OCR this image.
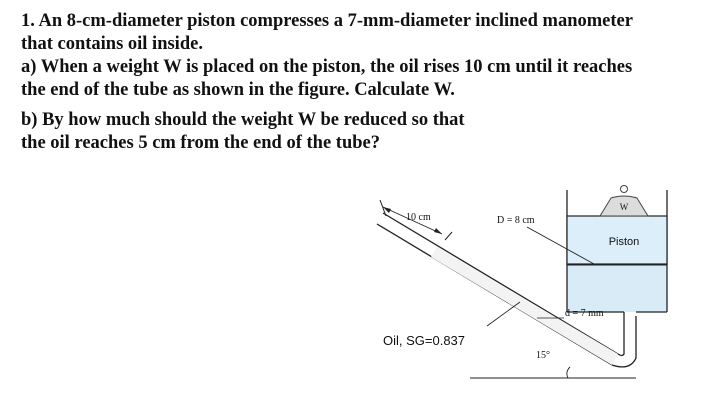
1. An 8-cm-diameter piston compresses a 7-mm-diameter inclined manometer

that contains oil inside.

a) When a weight W is placed on the piston, the oil rises 10 cm until it reaches

the end of the tube as shown in the figure. Calculate W.

b) By how much should the weight W be reduced so that

the oil reaches 5 cm from the end of the tube?

Piston
W
D = 8 cm
d = 7 mm
10 cm
Oil, SG=0.837
15°
